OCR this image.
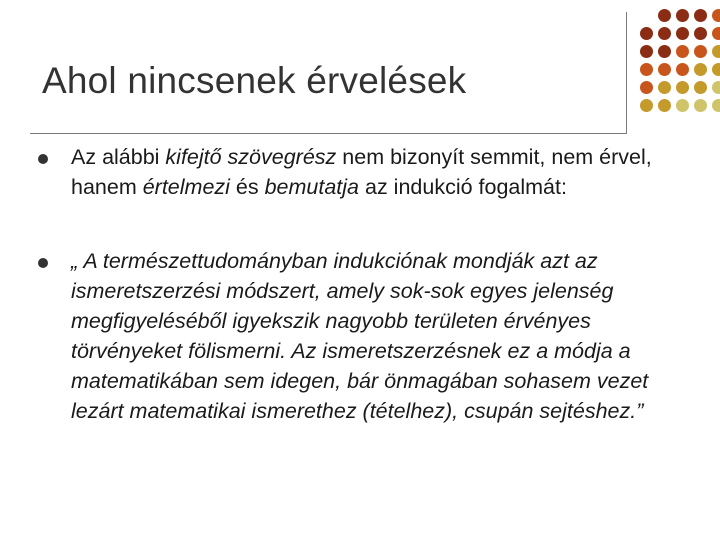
Ahol nincsenek érvelések
Az alábbi kifejtő szövegrész nem bizonyít semmit, nem érvel, hanem értelmezi és bemutatja az indukció fogalmát:
„ A természettudományban indukciónak mondják azt az ismeretszerzési módszert, amely sok-sok egyes jelenség megfigyeléséből igyekszik nagyobb területen érvényes törvényeket fölismerni. Az ismeretszerzésnek ez a módja a matematikában sem idegen, bár önmagában sohasem vezet lezárt matematikai ismerethez (tételhez), csupán sejtéshez.”
